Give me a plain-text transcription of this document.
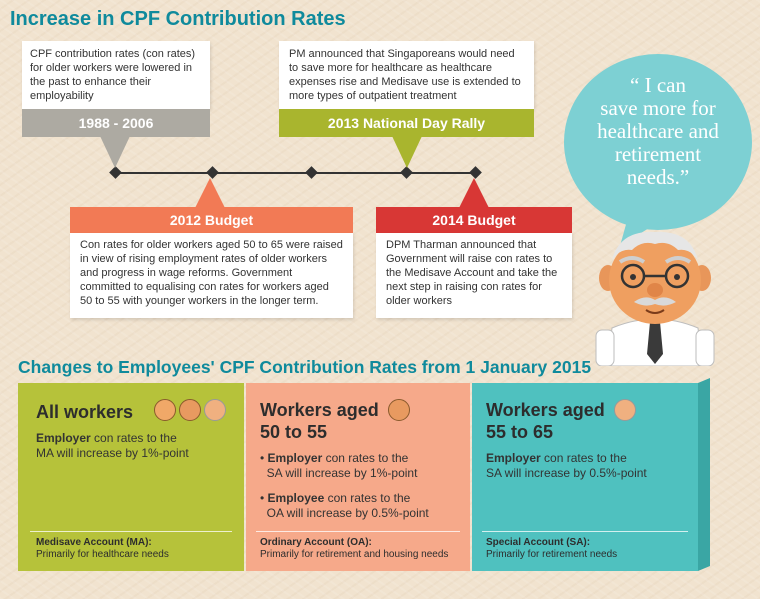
Increase in CPF Contribution Rates
CPF contribution rates (con rates) for older workers were lowered in the past to enhance their employability
1988 - 2006
PM announced that Singaporeans would need to save more for healthcare as healthcare expenses rise and Medisave use is extended to more types of outpatient treatment
2013 National Day Rally
2012 Budget
Con rates for older workers aged 50 to 65 were raised in view of rising employment rates of older workers and progress in wage reforms. Government committed to equalising con rates for workers aged 50 to 55 with younger workers in the longer term.
2014 Budget
DPM Tharman announced that Government will raise con rates to the Medisave Account and take the next step in raising con rates for older workers
“ I can
save more for
healthcare and
retirement
needs.”
Changes to Employees' CPF Contribution Rates from 1 January 2015
All workers
Employer con rates to the
MA will increase by 1%-point
Medisave Account (MA):
Primarily for healthcare needs
Workers aged
50 to 55
• Employer con rates to the
SA will increase by 1%-point
• Employee con rates to the
OA will increase by 0.5%-point
Ordinary Account (OA):
Primarily for retirement and housing needs
Workers aged
55 to 65
Employer con rates to the
SA will increase by 0.5%-point
Special Account (SA):
Primarily for retirement needs
